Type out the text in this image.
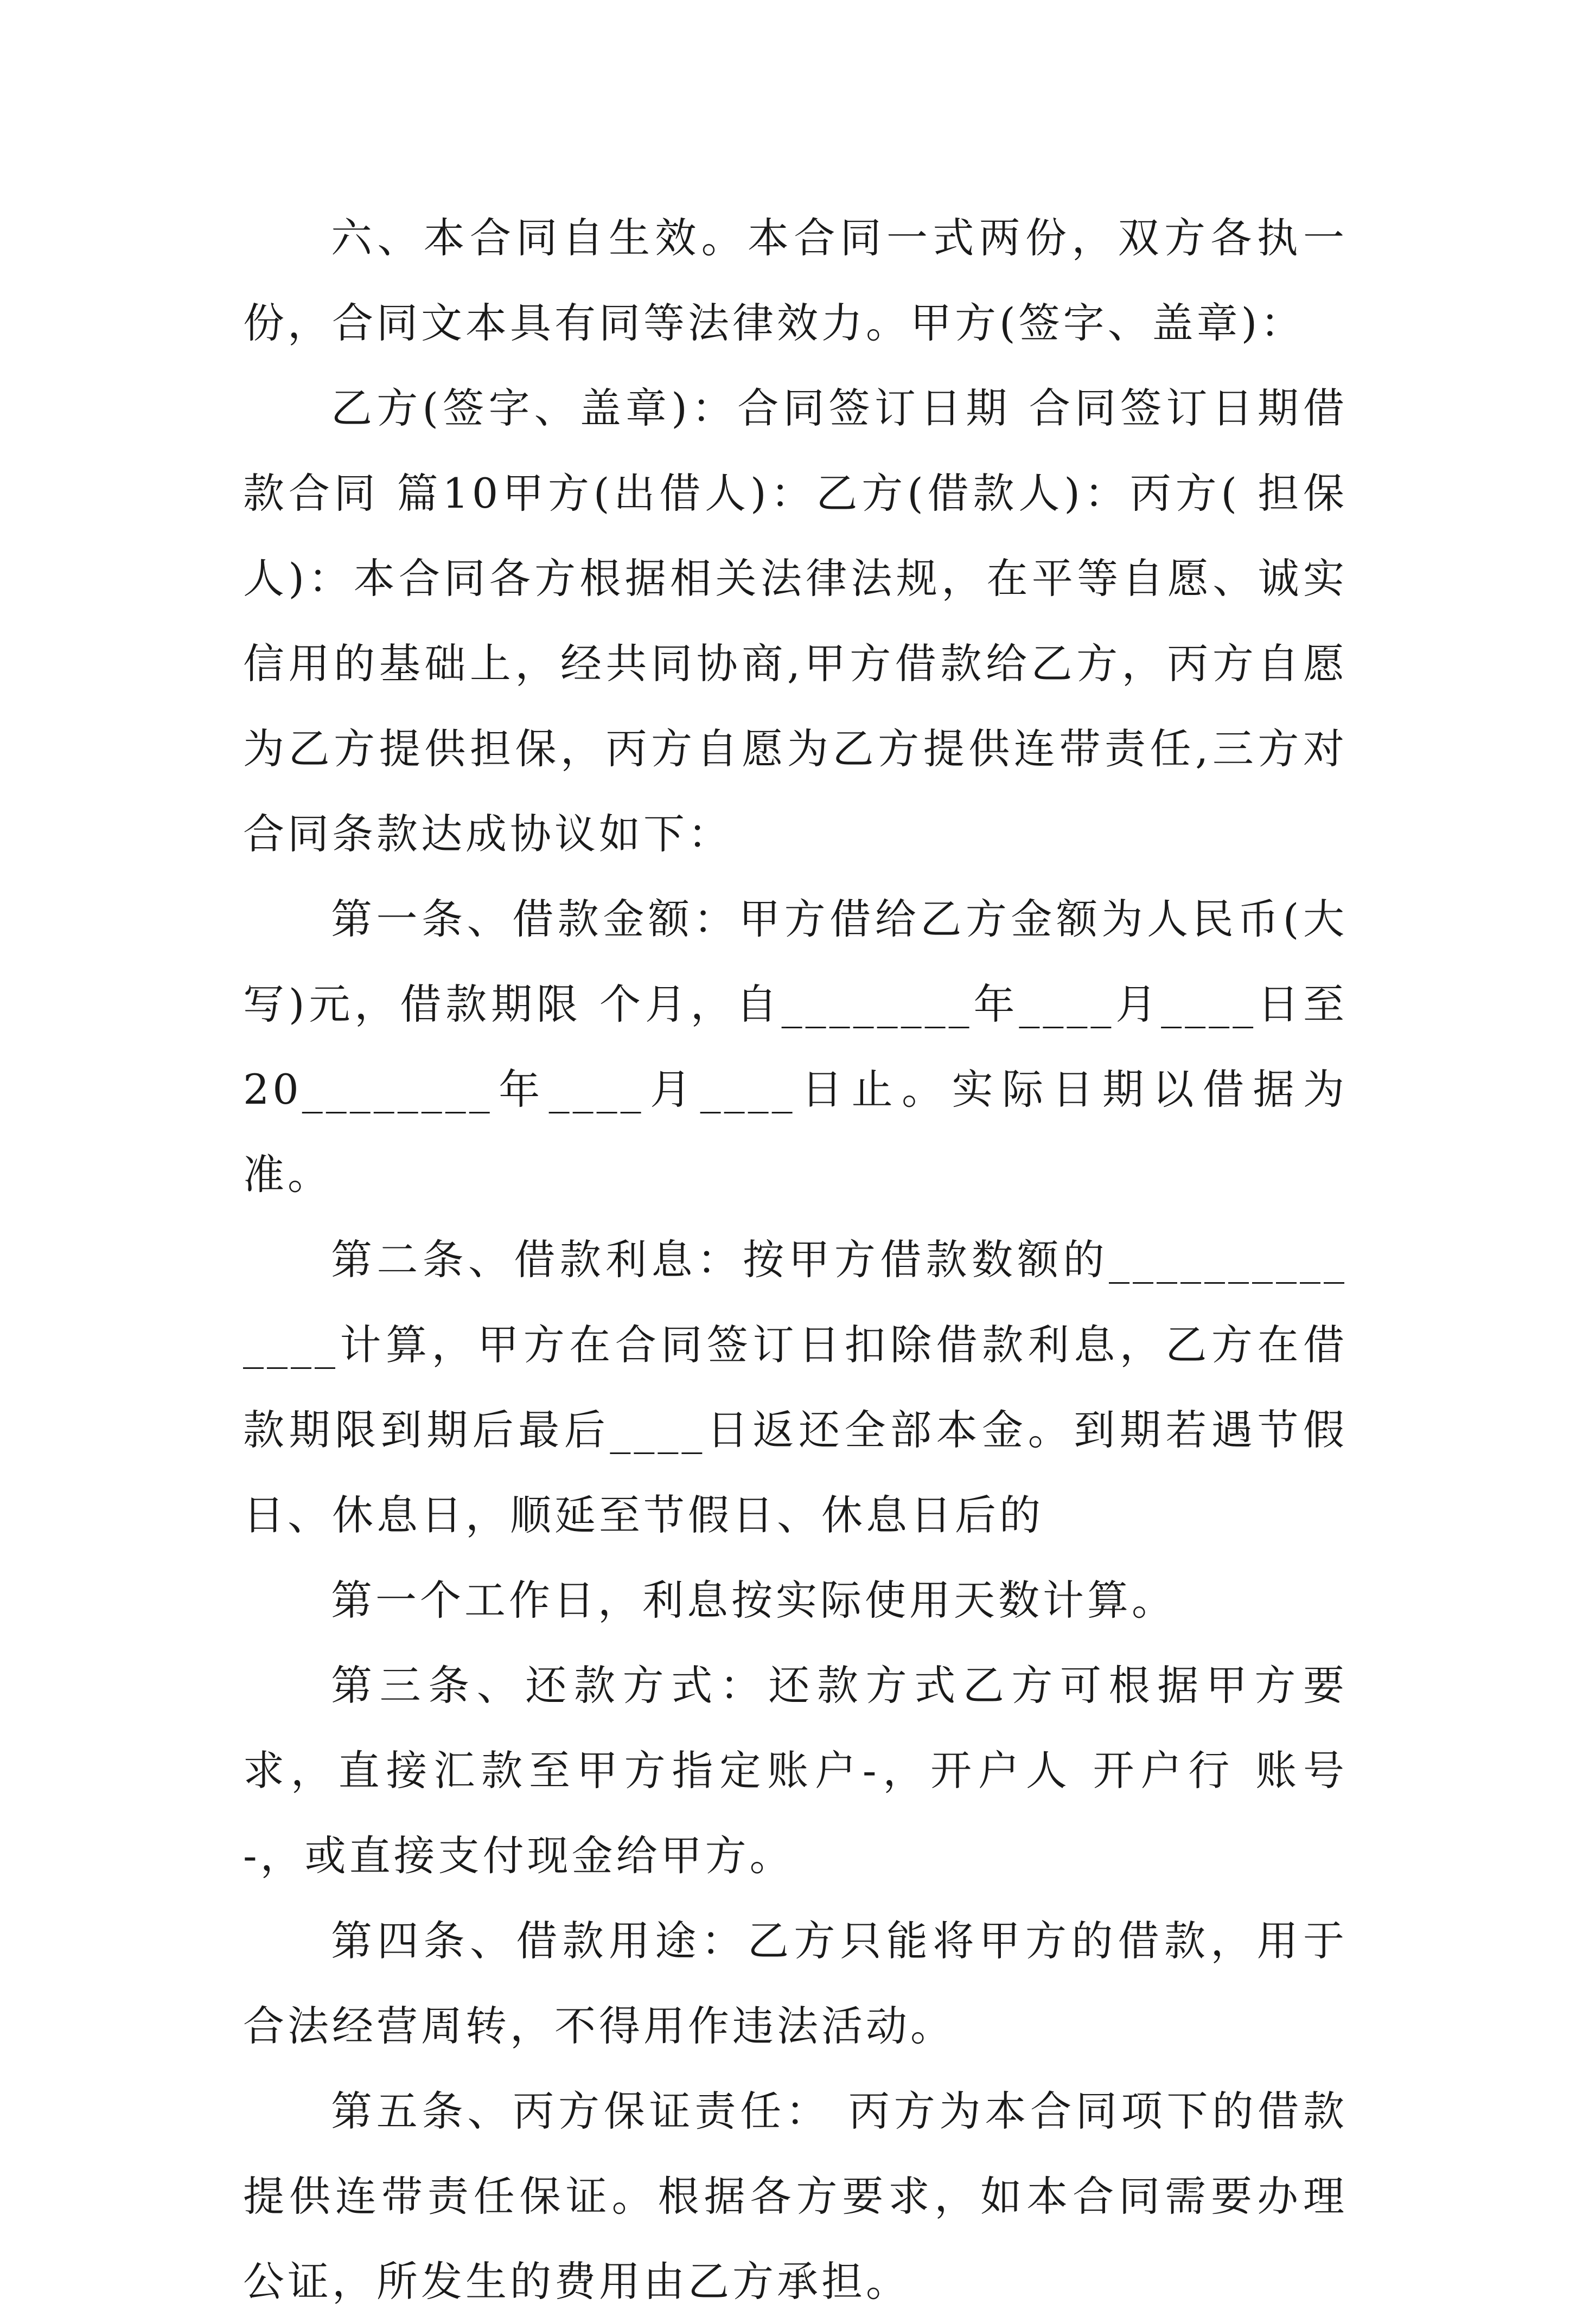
六、本合同自生效。本合同一式两份，双方各执一份，合同文本具有同等法律效力。甲方(签字、盖章)：

乙方(签字、盖章)：合同签订日期 合同签订日期借款合同 篇10甲方(出借人)：乙方(借款人)：丙方( 担保人)：本合同各方根据相关法律法规，在平等自愿、诚实信用的基础上，经共同协商,甲方借款给乙方，丙方自愿为乙方提供担保，丙方自愿为乙方提供连带责任,三方对合同条款达成协议如下：

第一条、借款金额：甲方借给乙方金额为人民币(大写)元，借款期限 个月，自________年____月____日至20________年____月____日止。实际日期以借据为准。

第二条、借款利息：按甲方借款数额的______________计算，甲方在合同签订日扣除借款利息，乙方在借款期限到期后最后____日返还全部本金。到期若遇节假日、休息日，顺延至节假日、休息日后的

第一个工作日，利息按实际使用天数计算。

第三条、还款方式：还款方式乙方可根据甲方要求，直接汇款至甲方指定账户-，开户人 开户行 账号 -，或直接支付现金给甲方。

第四条、借款用途：乙方只能将甲方的借款，用于合法经营周转，不得用作违法活动。

第五条、丙方保证责任： 丙方为本合同项下的借款提供连带责任保证。根据各方要求，如本合同需要办理公证，所发生的费用由乙方承担。
